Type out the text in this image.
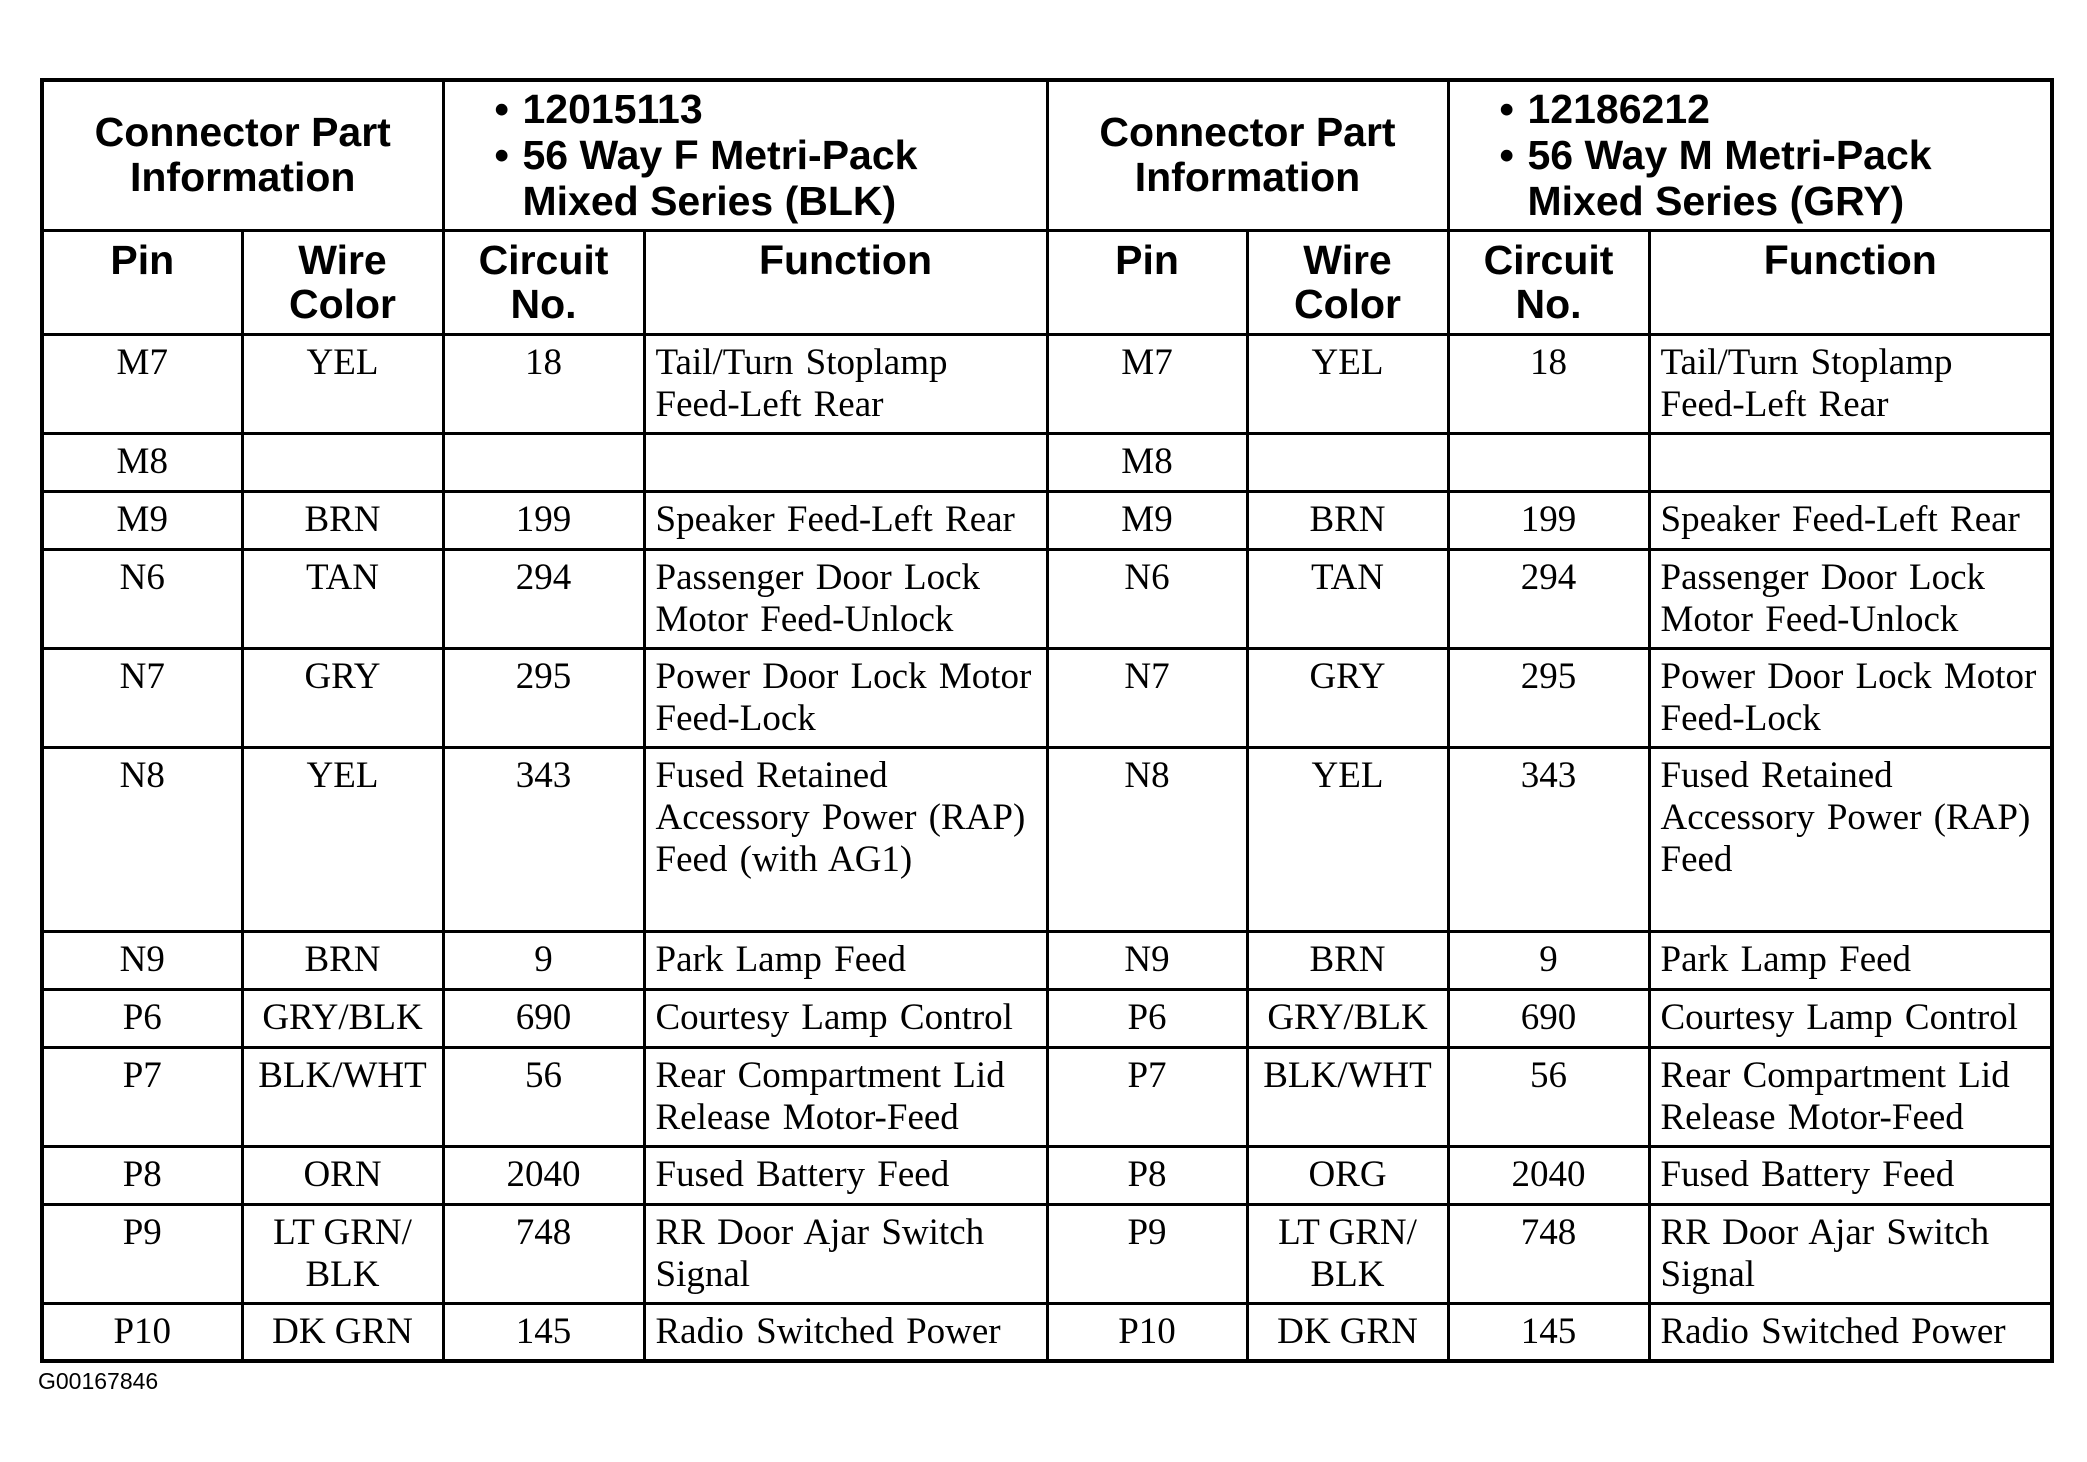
Connector Part Information		• 12015113
• 56 Way F Metri-Pack
Mixed Series (BLK)		Connector Part Information		• 12186212
• 56 Way M Metri-Pack
Mixed Series (GRY)	

Pin	Wire Color	Circuit No.	Function	Pin	Wire Color	Circuit No.	Function
M7	YEL	18	Tail/Turn Stoplamp Feed-Left Rear	M7	YEL	18	Tail/Turn Stoplamp Feed-Left Rear
M8				M8			
M9	BRN	199	Speaker Feed-Left Rear	M9	BRN	199	Speaker Feed-Left Rear
N6	TAN	294	Passenger Door Lock Motor Feed-Unlock	N6	TAN	294	Passenger Door Lock Motor Feed-Unlock
N7	GRY	295	Power Door Lock Motor Feed-Lock	N7	GRY	295	Power Door Lock Motor Feed-Lock
N8	YEL	343	Fused Retained Accessory Power (RAP) Feed (with AG1)	N8	YEL	343	Fused Retained Accessory Power (RAP) Feed
N9	BRN	9	Park Lamp Feed	N9	BRN	9	Park Lamp Feed
P6	GRY/BLK	690	Courtesy Lamp Control	P6	GRY/BLK	690	Courtesy Lamp Control
P7	BLK/WHT	56	Rear Compartment Lid Release Motor-Feed	P7	BLK/WHT	56	Rear Compartment Lid Release Motor-Feed
P8	ORN	2040	Fused Battery Feed	P8	ORG	2040	Fused Battery Feed
P9	LT GRN/ BLK	748	RR Door Ajar Switch Signal	P9	LT GRN/ BLK	748	RR Door Ajar Switch Signal
P10	DK GRN	145	Radio Switched Power	P10	DK GRN	145	Radio Switched Power
G00167846
